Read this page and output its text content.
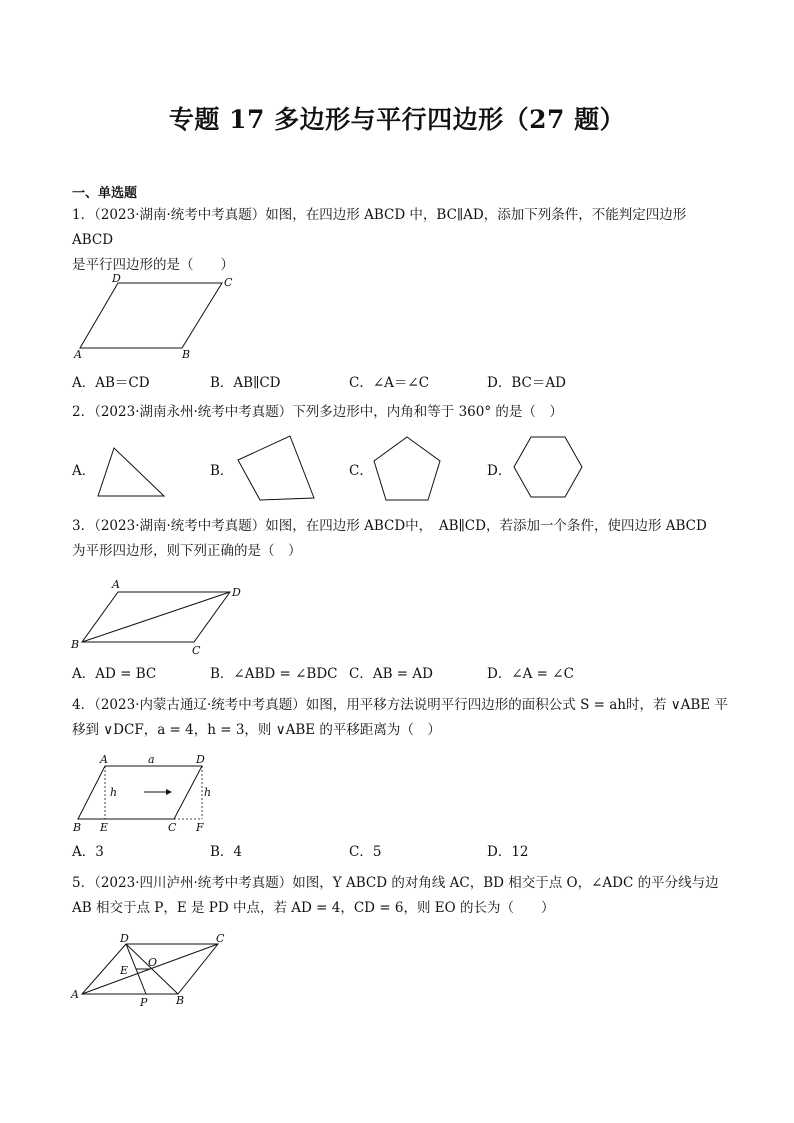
专题 17 多边形与平行四边形（27 题）
一、单选题
1．（2023·湖南·统考中考真题）如图，在四边形 ABCD 中，BC∥AD，添加下列条件，不能判定四边形 ABCD
是平行四边形的是（　　）
D	C
A	B
A．AB＝CD	B．AB∥CD	C．∠A＝∠C	D．BC＝AD
2．（2023·湖南永州·统考中考真题）下列多边形中，内角和等于 360° 的是（　）
A．	B．	C．	D．
3．（2023·湖南·统考中考真题）如图，在四边形 ABCD中，　AB∥CD，若添加一个条件，使四边形 ABCD
为平形四边形，则下列正确的是（　）
A
D
B	C
A．AD = BC	B．∠ABD = ∠BDC C．AB = AD	D．∠A = ∠C
4．（2023·内蒙古通辽·统考中考真题）如图，用平移方法说明平行四边形的面积公式 S = ah时，若 ∨ABE 平
移到 ∨DCF，a = 4，h = 3，则 ∨ABE 的平移距离为（　）
A	a	D
h	h
B E	C F
A．3	B．4	C．5	D．12
5．（2023·四川泸州·统考中考真题）如图，Y ABCD 的对角线 AC，BD 相交于点 O，∠ADC 的平分线与边
AB 相交于点 P，E 是 PD 中点，若 AD = 4，CD = 6，则 EO 的长为（　　）
D	C
E
O
A
P	B
